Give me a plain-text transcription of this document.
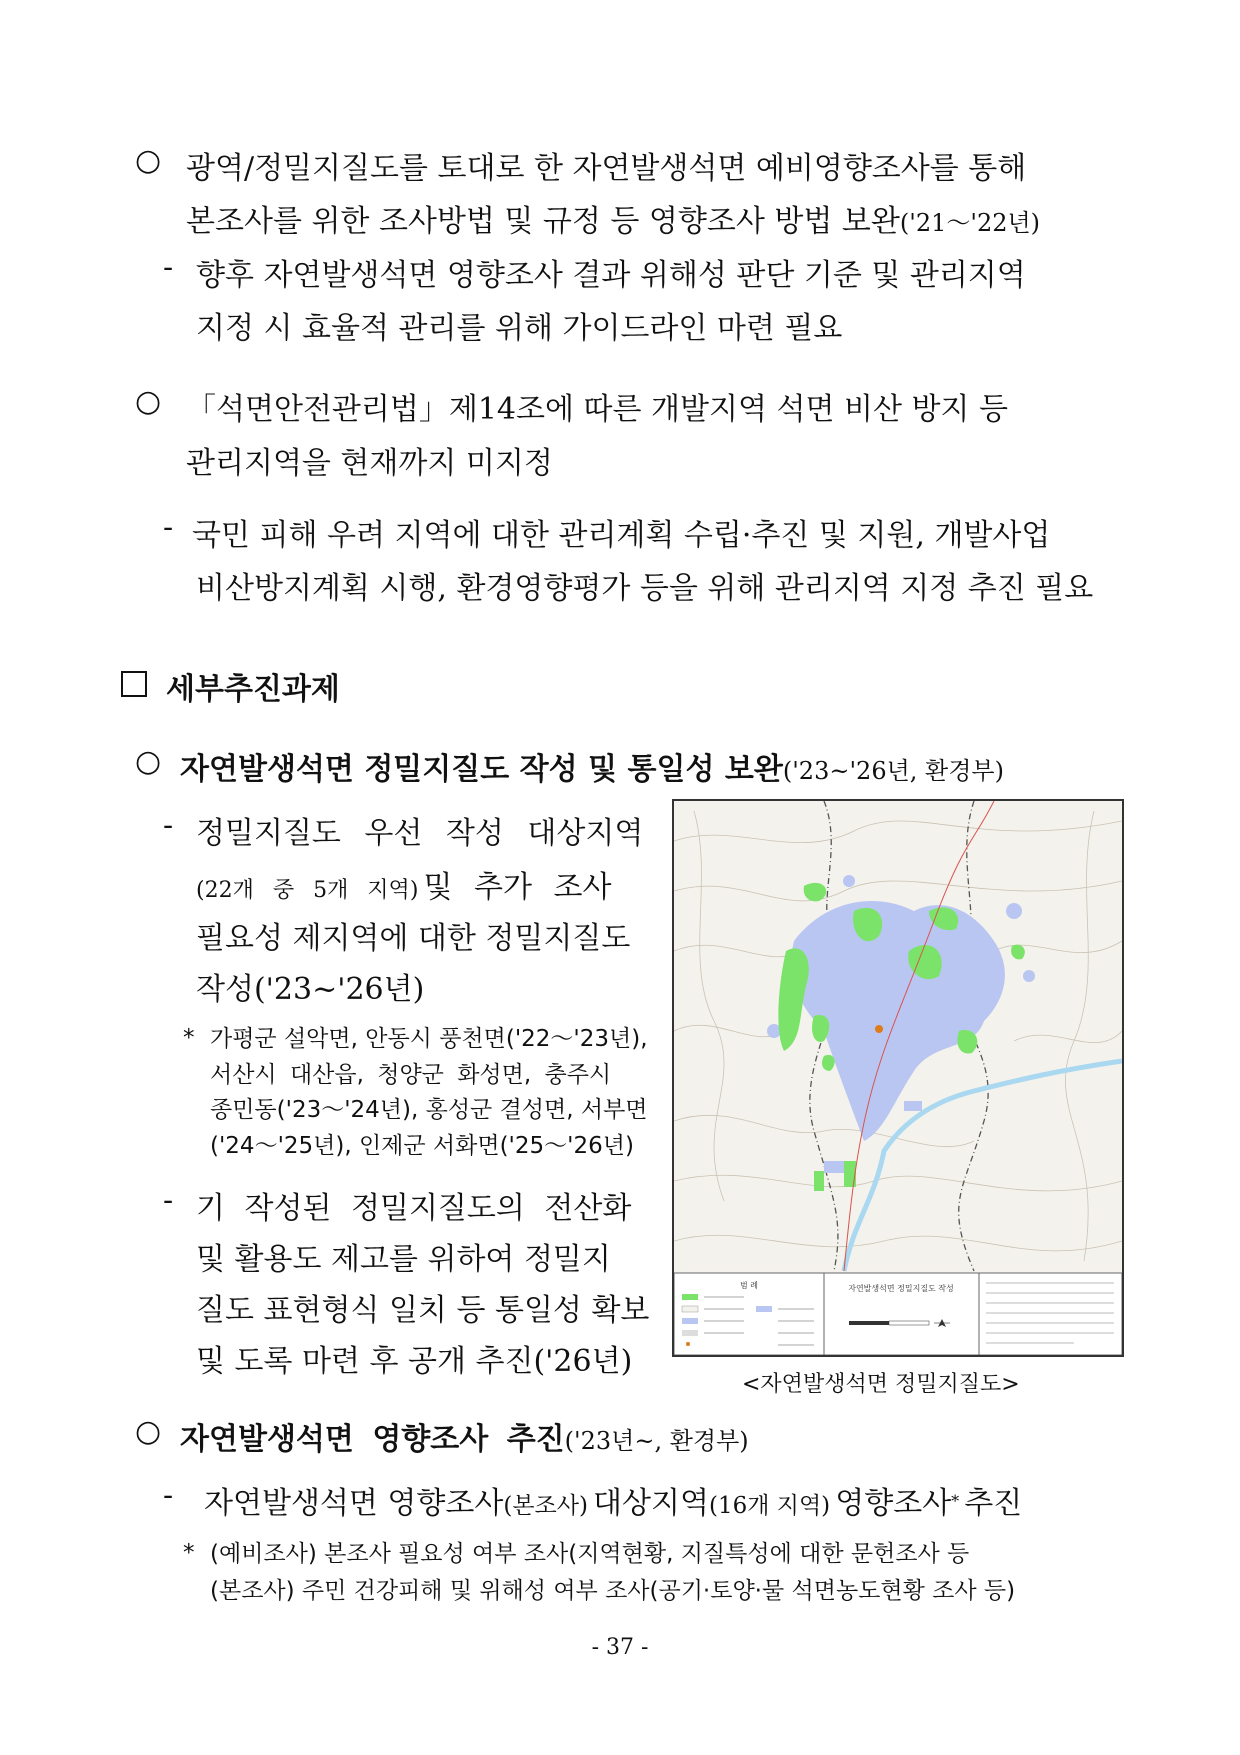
○ 광역/정밀지질도를 토대로 한 자연발생석면 예비영향조사를 통해
본조사를 위한 조사방법 및 규정 등 영향조사 방법 보완('21～'22년)
- 향후 자연발생석면 영향조사 결과 위해성 판단 기준 및 관리지역
지정 시 효율적 관리를 위해 가이드라인 마련 필요
○ 「석면안전관리법」제14조에 따른 개발지역 석면 비산 방지 등
관리지역을 현재까지 미지정
- 국민 피해 우려 지역에 대한 관리계획 수립·추진 및 지원, 개발사업
비산방지계획 시행, 환경영향평가 등을 위해 관리지역 지정 추진 필요
세부추진과제
○ 자연발생석면 정밀지질도 작성 및 통일성 보완('23~'26년, 환경부)
- 정밀지질도 우선 작성 대상지역
(22개 중 5개 지역) 및 추가 조사
필요성 제지역에 대한 정밀지질도
작성('23~'26년)
* 가평군 설악면, 안동시 풍천면('22～'23년),
서산시 대산읍, 청양군 화성면, 충주시
종민동('23～'24년), 홍성군 결성면, 서부면
('24～'25년), 인제군 서화면('25～'26년)
- 기 작성된 정밀지질도의 전산화
및 활용도 제고를 위하여 정밀지
질도 표현형식 일치 등 통일성 확보
및 도록 마련 후 공개 추진('26년)
범 례	자연발생석면 정밀지질도 작성
<자연발생석면 정밀지질도>
○ 자연발생석면 영향조사 추진('23년~, 환경부)
- 자연발생석면 영향조사(본조사) 대상지역(16개 지역) 영향조사* 추진
* (예비조사) 본조사 필요성 여부 조사(지역현황, 지질특성에 대한 문헌조사 등
(본조사) 주민 건강피해 및 위해성 여부 조사(공기·토양·물 석면농도현황 조사 등)
- 37 -
